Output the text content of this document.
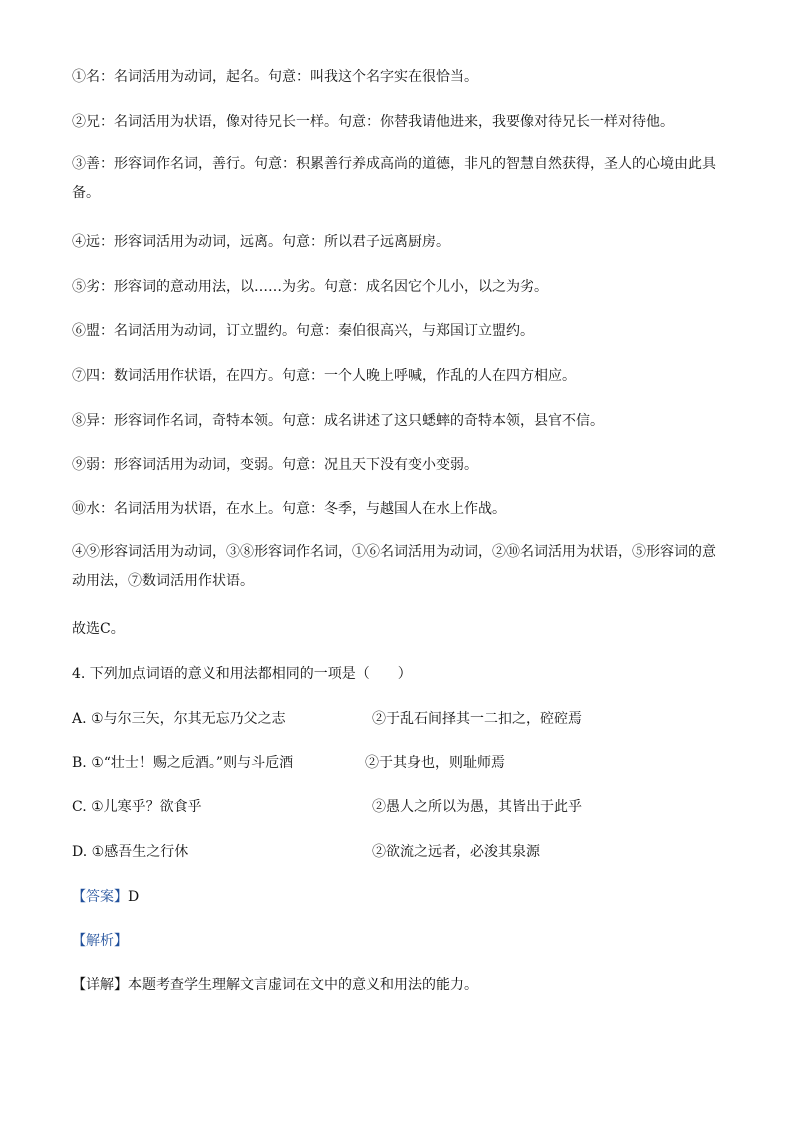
①名：名词活用为动词，起名。句意：叫我这个名字实在很恰当。
②兄：名词活用为状语，像对待兄长一样。句意：你替我请他进来，我要像对待兄长一样对待他。
③善：形容词作名词，善行。句意：积累善行养成高尚的道德，非凡的智慧自然获得，圣人的心境由此具备。
④远：形容词活用为动词，远离。句意：所以君子远离厨房。
⑤劣：形容词的意动用法，以……为劣。句意：成名因它个儿小，以之为劣。
⑥盟：名词活用为动词，订立盟约。句意：秦伯很高兴，与郑国订立盟约。
⑦四：数词活用作状语，在四方。句意：一个人晚上呼喊，作乱的人在四方相应。
⑧异：形容词作名词，奇特本领。句意：成名讲述了这只蟋蟀的奇特本领，县官不信。
⑨弱：形容词活用为动词，变弱。句意：况且天下没有变小变弱。
⑩水：名词活用为状语，在水上。句意：冬季，与越国人在水上作战。
④⑨形容词活用为动词，③⑧形容词作名词，①⑥名词活用为动词，②⑩名词活用为状语，⑤形容词的意动用法，⑦数词活用作状语。
故选C。
4. 下列加点词语的意义和用法都相同的一项是（　　）
A. ①与尔三矢，尔其无忘乃父之志	②于乱石间择其一二扣之，硿硿焉
B. ①“壮士！赐之卮酒。”则与斗卮酒	②于其身也，则耻师焉
C. ①儿寒乎？欲食乎	②愚人之所以为愚，其皆出于此乎
D. ①感吾生之行休	②欲流之远者，必浚其泉源
【答案】D
【解析】
【详解】本题考查学生理解文言虚词在文中的意义和用法的能力。
